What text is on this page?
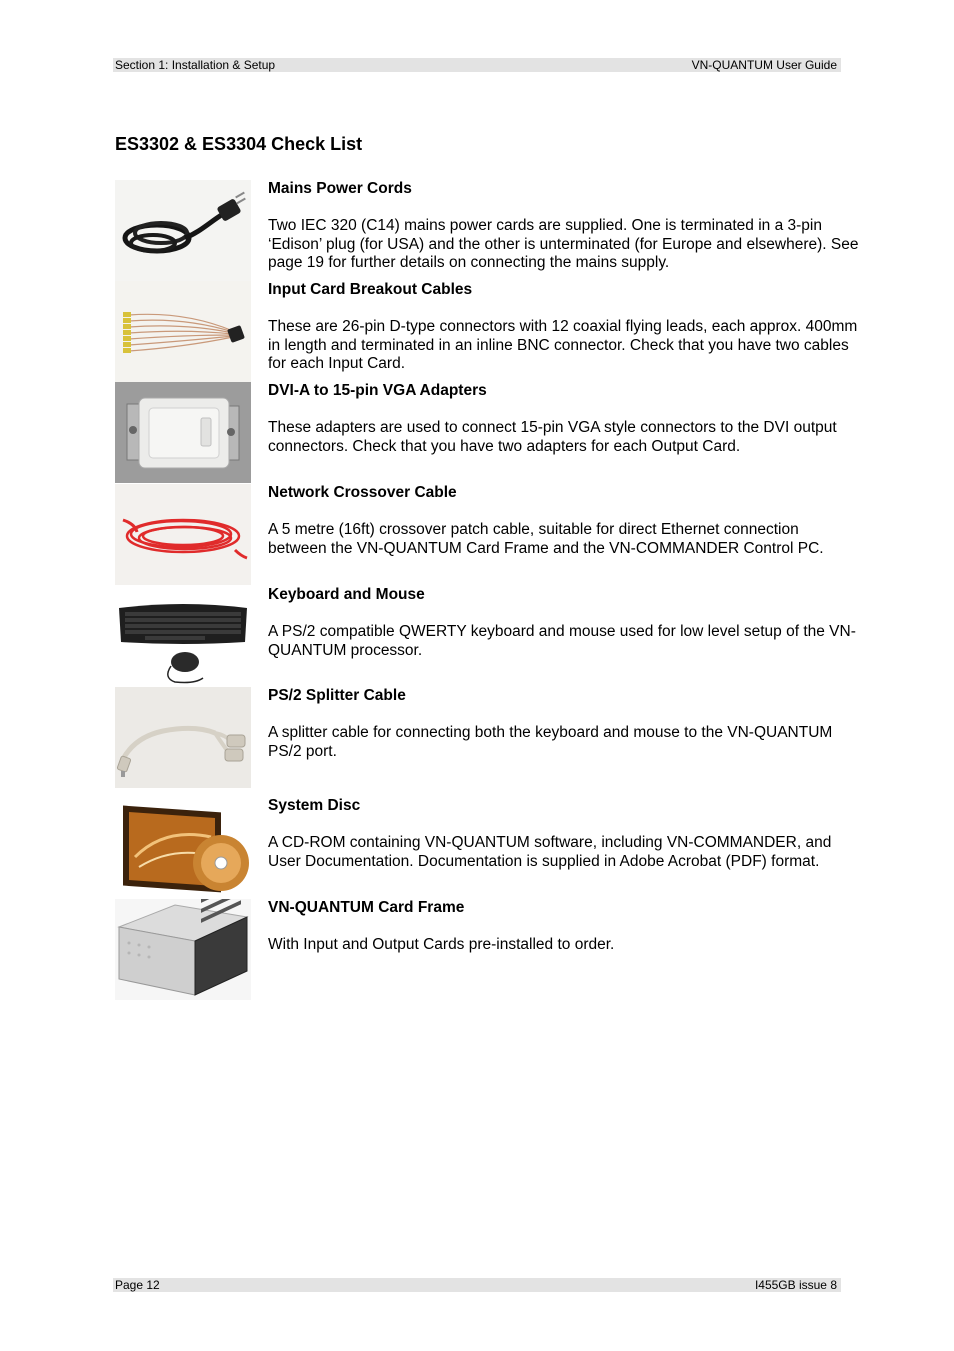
Section 1: Installation & Setup	VN-QUANTUM User Guide
ES3302 & ES3304 Check List
Mains Power Cords
Two IEC 320 (C14) mains power cards are supplied. One is terminated in a 3-pin ‘Edison’ plug (for USA) and the other is unterminated (for Europe and elsewhere). See page 19 for further details on connecting the mains supply.
Input Card Breakout Cables
These are 26-pin D-type connectors with 12 coaxial flying leads, each approx. 400mm in length and terminated in an inline BNC connector. Check that you have two cables for each Input Card.
DVI-A to 15-pin VGA Adapters
These adapters are used to connect 15-pin VGA style connectors to the DVI output connectors. Check that you have two adapters for each Output Card.
Network Crossover Cable
A 5 metre (16ft) crossover patch cable, suitable for direct Ethernet connection between the VN-QUANTUM Card Frame and the VN-COMMANDER Control PC.
Keyboard and Mouse
A PS/2 compatible QWERTY keyboard and mouse used for low level setup of the VN-QUANTUM processor.
PS/2 Splitter Cable
A splitter cable for connecting both the keyboard and mouse to the VN-QUANTUM PS/2 port.
System Disc
A CD-ROM containing VN-QUANTUM software, including VN-COMMANDER, and User Documentation. Documentation is supplied in Adobe Acrobat (PDF) format.
VN-QUANTUM Card Frame
With Input and Output Cards pre-installed to order.
Page 12	I455GB issue 8
